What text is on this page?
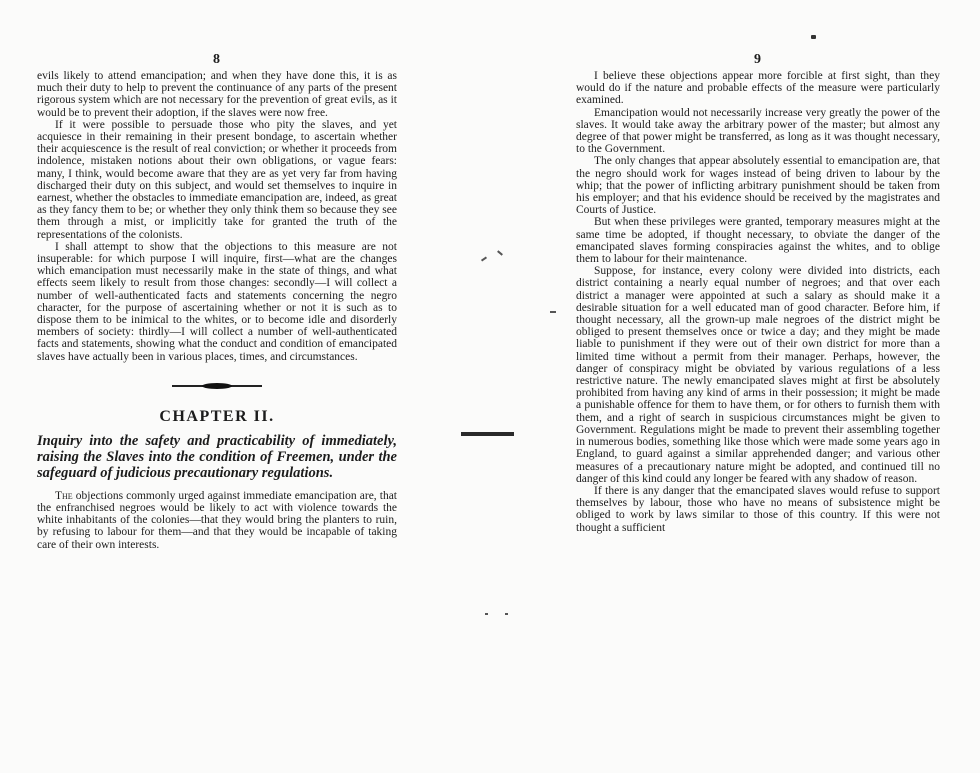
8

evils likely to attend emancipation; and when they have done this, it is as much their duty to help to prevent the continuance of any parts of the present rigorous system which are not necessary for the prevention of great evils, as it would be to prevent their adoption, if the slaves were now free.

If it were possible to persuade those who pity the slaves, and yet acquiesce in their remaining in their present bondage, to ascertain whether their acquiescence is the result of real conviction; or whether it proceeds from indolence, mistaken notions about their own obligations, or vague fears: many, I think, would become aware that they are as yet very far from having discharged their duty on this subject, and would set themselves to inquire in earnest, whether the obstacles to immediate emancipation are, indeed, as great as they fancy them to be; or whether they only think them so because they see them through a mist, or implicitly take for granted the truth of the representations of the colonists.

I shall attempt to show that the objections to this measure are not insuperable: for which purpose I will inquire, first—what are the changes which emancipation must necessarily make in the state of things, and what effects seem likely to result from those changes: secondly—I will collect a number of well-authenticated facts and statements concerning the negro character, for the purpose of ascertaining whether or not it is such as to dispose them to be inimical to the whites, or to become idle and disorderly members of society: thirdly—I will collect a number of well-authenticated facts and statements, showing what the conduct and condition of emancipated slaves have actually been in various places, times, and circumstances.

CHAPTER II.
Inquiry into the safety and practicability of immediately, raising the Slaves into the condition of Freemen, under the safeguard of judicious precautionary regulations.

The objections commonly urged against immediate emancipation are, that the enfranchised negroes would be likely to act with violence towards the white inhabitants of the colonies—that they would bring the planters to ruin, by refusing to labour for them—and that they would be incapable of taking care of their own interests.

9

I believe these objections appear more forcible at first sight, than they would do if the nature and probable effects of the measure were particularly examined.

Emancipation would not necessarily increase very greatly the power of the slaves. It would take away the arbitrary power of the master; but almost any degree of that power might be transferred, as long as it was thought necessary, to the Government.

The only changes that appear absolutely essential to emancipation are, that the negro should work for wages instead of being driven to labour by the whip; that the power of inflicting arbitrary punishment should be taken from his employer; and that his evidence should be received by the magistrates and Courts of Justice.

But when these privileges were granted, temporary measures might at the same time be adopted, if thought necessary, to obviate the danger of the emancipated slaves forming conspiracies against the whites, and to oblige them to labour for their maintenance.

Suppose, for instance, every colony were divided into districts, each district containing a nearly equal number of negroes; and that over each district a manager were appointed at such a salary as should make it a desirable situation for a well educated man of good character. Before him, if thought necessary, all the grown-up male negroes of the district might be obliged to present themselves once or twice a day; and they might be made liable to punishment if they were out of their own district for more than a limited time without a permit from their manager. Perhaps, however, the danger of conspiracy might be obviated by various regulations of a less restrictive nature. The newly emancipated slaves might at first be absolutely prohibited from having any kind of arms in their possession; it might be made a punishable offence for them to have them, or for others to furnish them with them, and a right of search in suspicious circumstances might be given to Government. Regulations might be made to prevent their assembling together in numerous bodies, something like those which were made some years ago in England, to guard against a similar apprehended danger; and various other measures of a precautionary nature might be adopted, and continued till no danger of this kind could any longer be feared with any shadow of reason.

If there is any danger that the emancipated slaves would refuse to support themselves by labour, those who have no means of subsistence might be obliged to work by laws similar to those of this country. If this were not thought a sufficient
